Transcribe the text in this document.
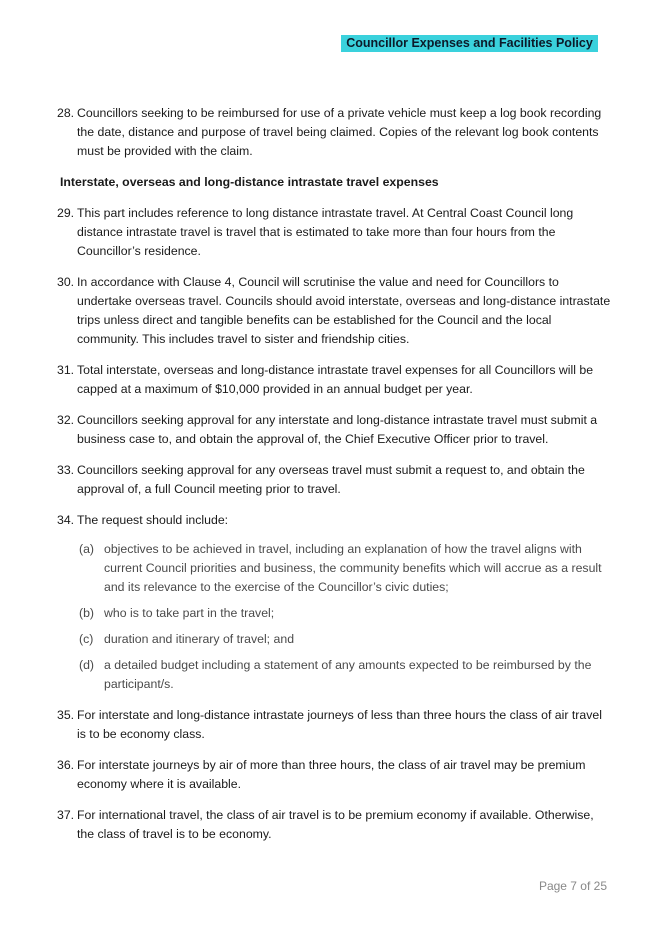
Councillor Expenses and Facilities Policy
28. Councillors seeking to be reimbursed for use of a private vehicle must keep a log book recording the date, distance and purpose of travel being claimed. Copies of the relevant log book contents must be provided with the claim.
Interstate, overseas and long-distance intrastate travel expenses
29. This part includes reference to long distance intrastate travel. At Central Coast Council long distance intrastate travel is travel that is estimated to take more than four hours from the Councillor’s residence.
30. In accordance with Clause 4, Council will scrutinise the value and need for Councillors to undertake overseas travel. Councils should avoid interstate, overseas and long-distance intrastate trips unless direct and tangible benefits can be established for the Council and the local community. This includes travel to sister and friendship cities.
31. Total interstate, overseas and long-distance intrastate travel expenses for all Councillors will be capped at a maximum of $10,000 provided in an annual budget per year.
32. Councillors seeking approval for any interstate and long-distance intrastate travel must submit a business case to, and obtain the approval of, the Chief Executive Officer prior to travel.
33. Councillors seeking approval for any overseas travel must submit a request to, and obtain the approval of, a full Council meeting prior to travel.
34. The request should include:
(a) objectives to be achieved in travel, including an explanation of how the travel aligns with current Council priorities and business, the community benefits which will accrue as a result and its relevance to the exercise of the Councillor’s civic duties;
(b) who is to take part in the travel;
(c) duration and itinerary of travel; and
(d) a detailed budget including a statement of any amounts expected to be reimbursed by the participant/s.
35. For interstate and long-distance intrastate journeys of less than three hours the class of air travel is to be economy class.
36. For interstate journeys by air of more than three hours, the class of air travel may be premium economy where it is available.
37. For international travel, the class of air travel is to be premium economy if available. Otherwise, the class of travel is to be economy.
Page 7 of 25
